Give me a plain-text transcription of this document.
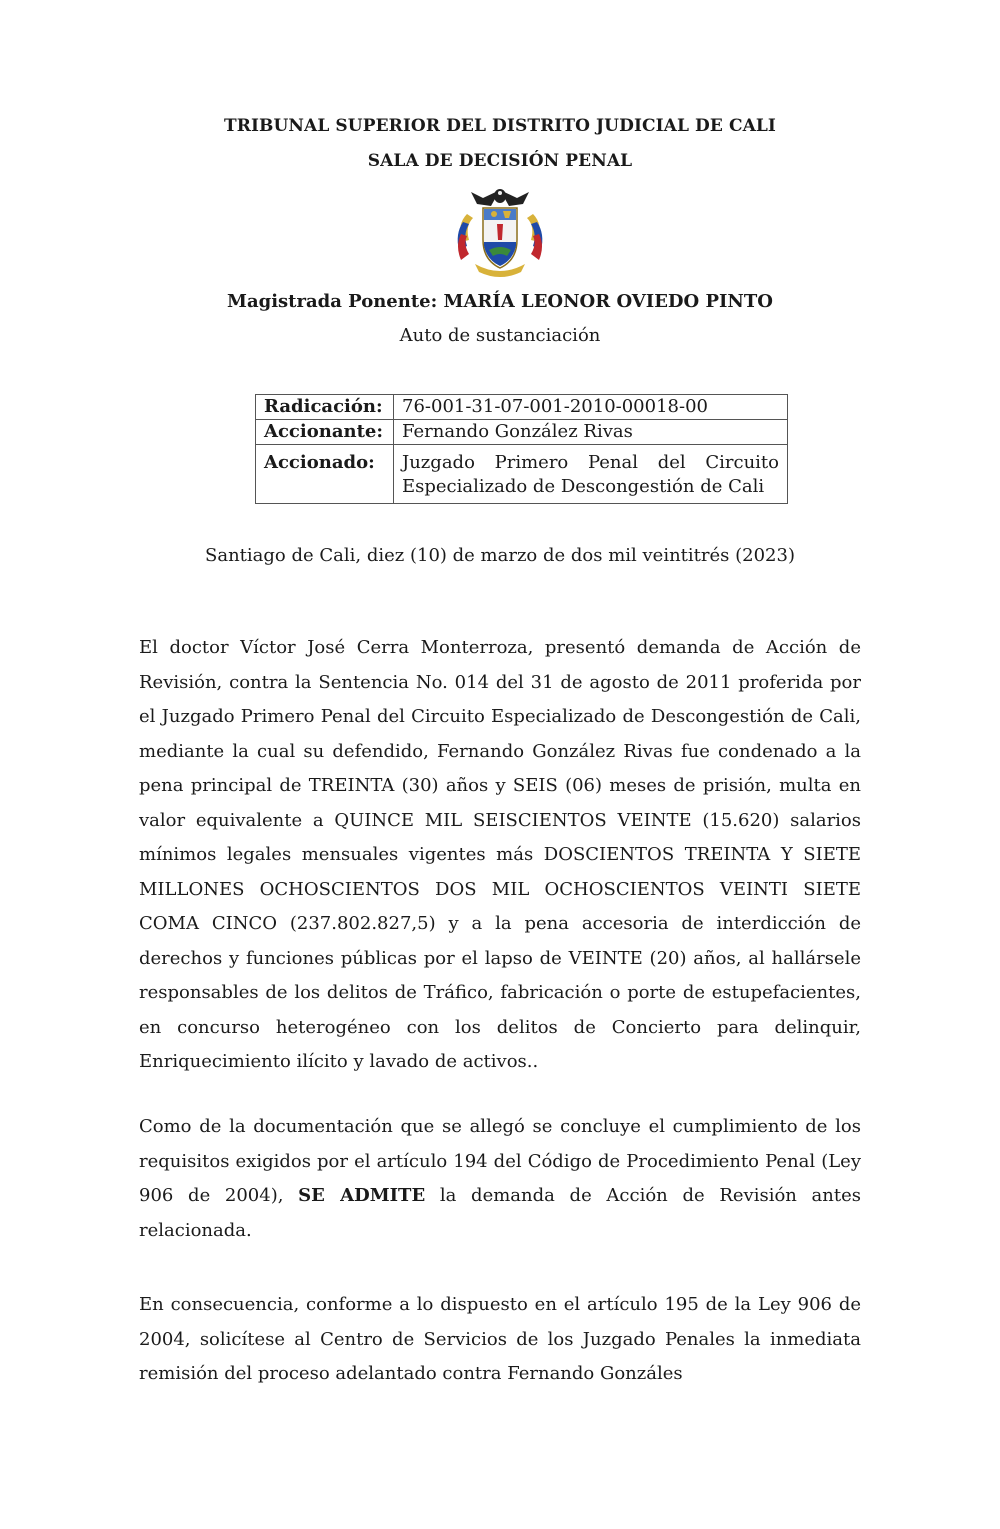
TRIBUNAL SUPERIOR DEL DISTRITO JUDICIAL DE CALI
SALA DE DECISIÓN PENAL
Magistrada Ponente: MARÍA LEONOR OVIEDO PINTO
Auto de sustanciación
Radicación:	76-001-31-07-001-2010-00018-00
Accionante:	Fernando González Rivas
Accionado:	Juzgado Primero Penal del Circuito Especializado de Descongestión de Cali
Santiago de Cali, diez (10) de marzo de dos mil veintitrés (2023)
El doctor Víctor José Cerra Monterroza, presentó demanda de Acción de Revisión, contra la Sentencia No. 014 del 31 de agosto de 2011 proferida por el Juzgado Primero Penal del Circuito Especializado de Descongestión de Cali, mediante la cual su defendido, Fernando González Rivas fue condenado a la pena principal de TREINTA (30) años y SEIS (06) meses de prisión, multa en valor equivalente a QUINCE MIL SEISCIENTOS VEINTE (15.620) salarios mínimos legales mensuales vigentes más DOSCIENTOS TREINTA Y SIETE MILLONES OCHOSCIENTOS DOS MIL OCHOSCIENTOS VEINTI SIETE COMA CINCO (237.802.827,5) y a la pena accesoria de interdicción de derechos y funciones públicas por el lapso de VEINTE (20) años, al hallársele responsables de los delitos de Tráfico, fabricación o porte de estupefacientes, en concurso heterogéneo con los delitos de Concierto para delinquir, Enriquecimiento ilícito y lavado de activos..
Como de la documentación que se allegó se concluye el cumplimiento de los requisitos exigidos por el artículo 194 del Código de Procedimiento Penal (Ley 906 de 2004), SE ADMITE la demanda de Acción de Revisión antes relacionada.
En consecuencia, conforme a lo dispuesto en el artículo 195 de la Ley 906 de 2004, solicítese al Centro de Servicios de los Juzgado Penales la inmediata remisión del proceso adelantado contra Fernando Gonzáles
